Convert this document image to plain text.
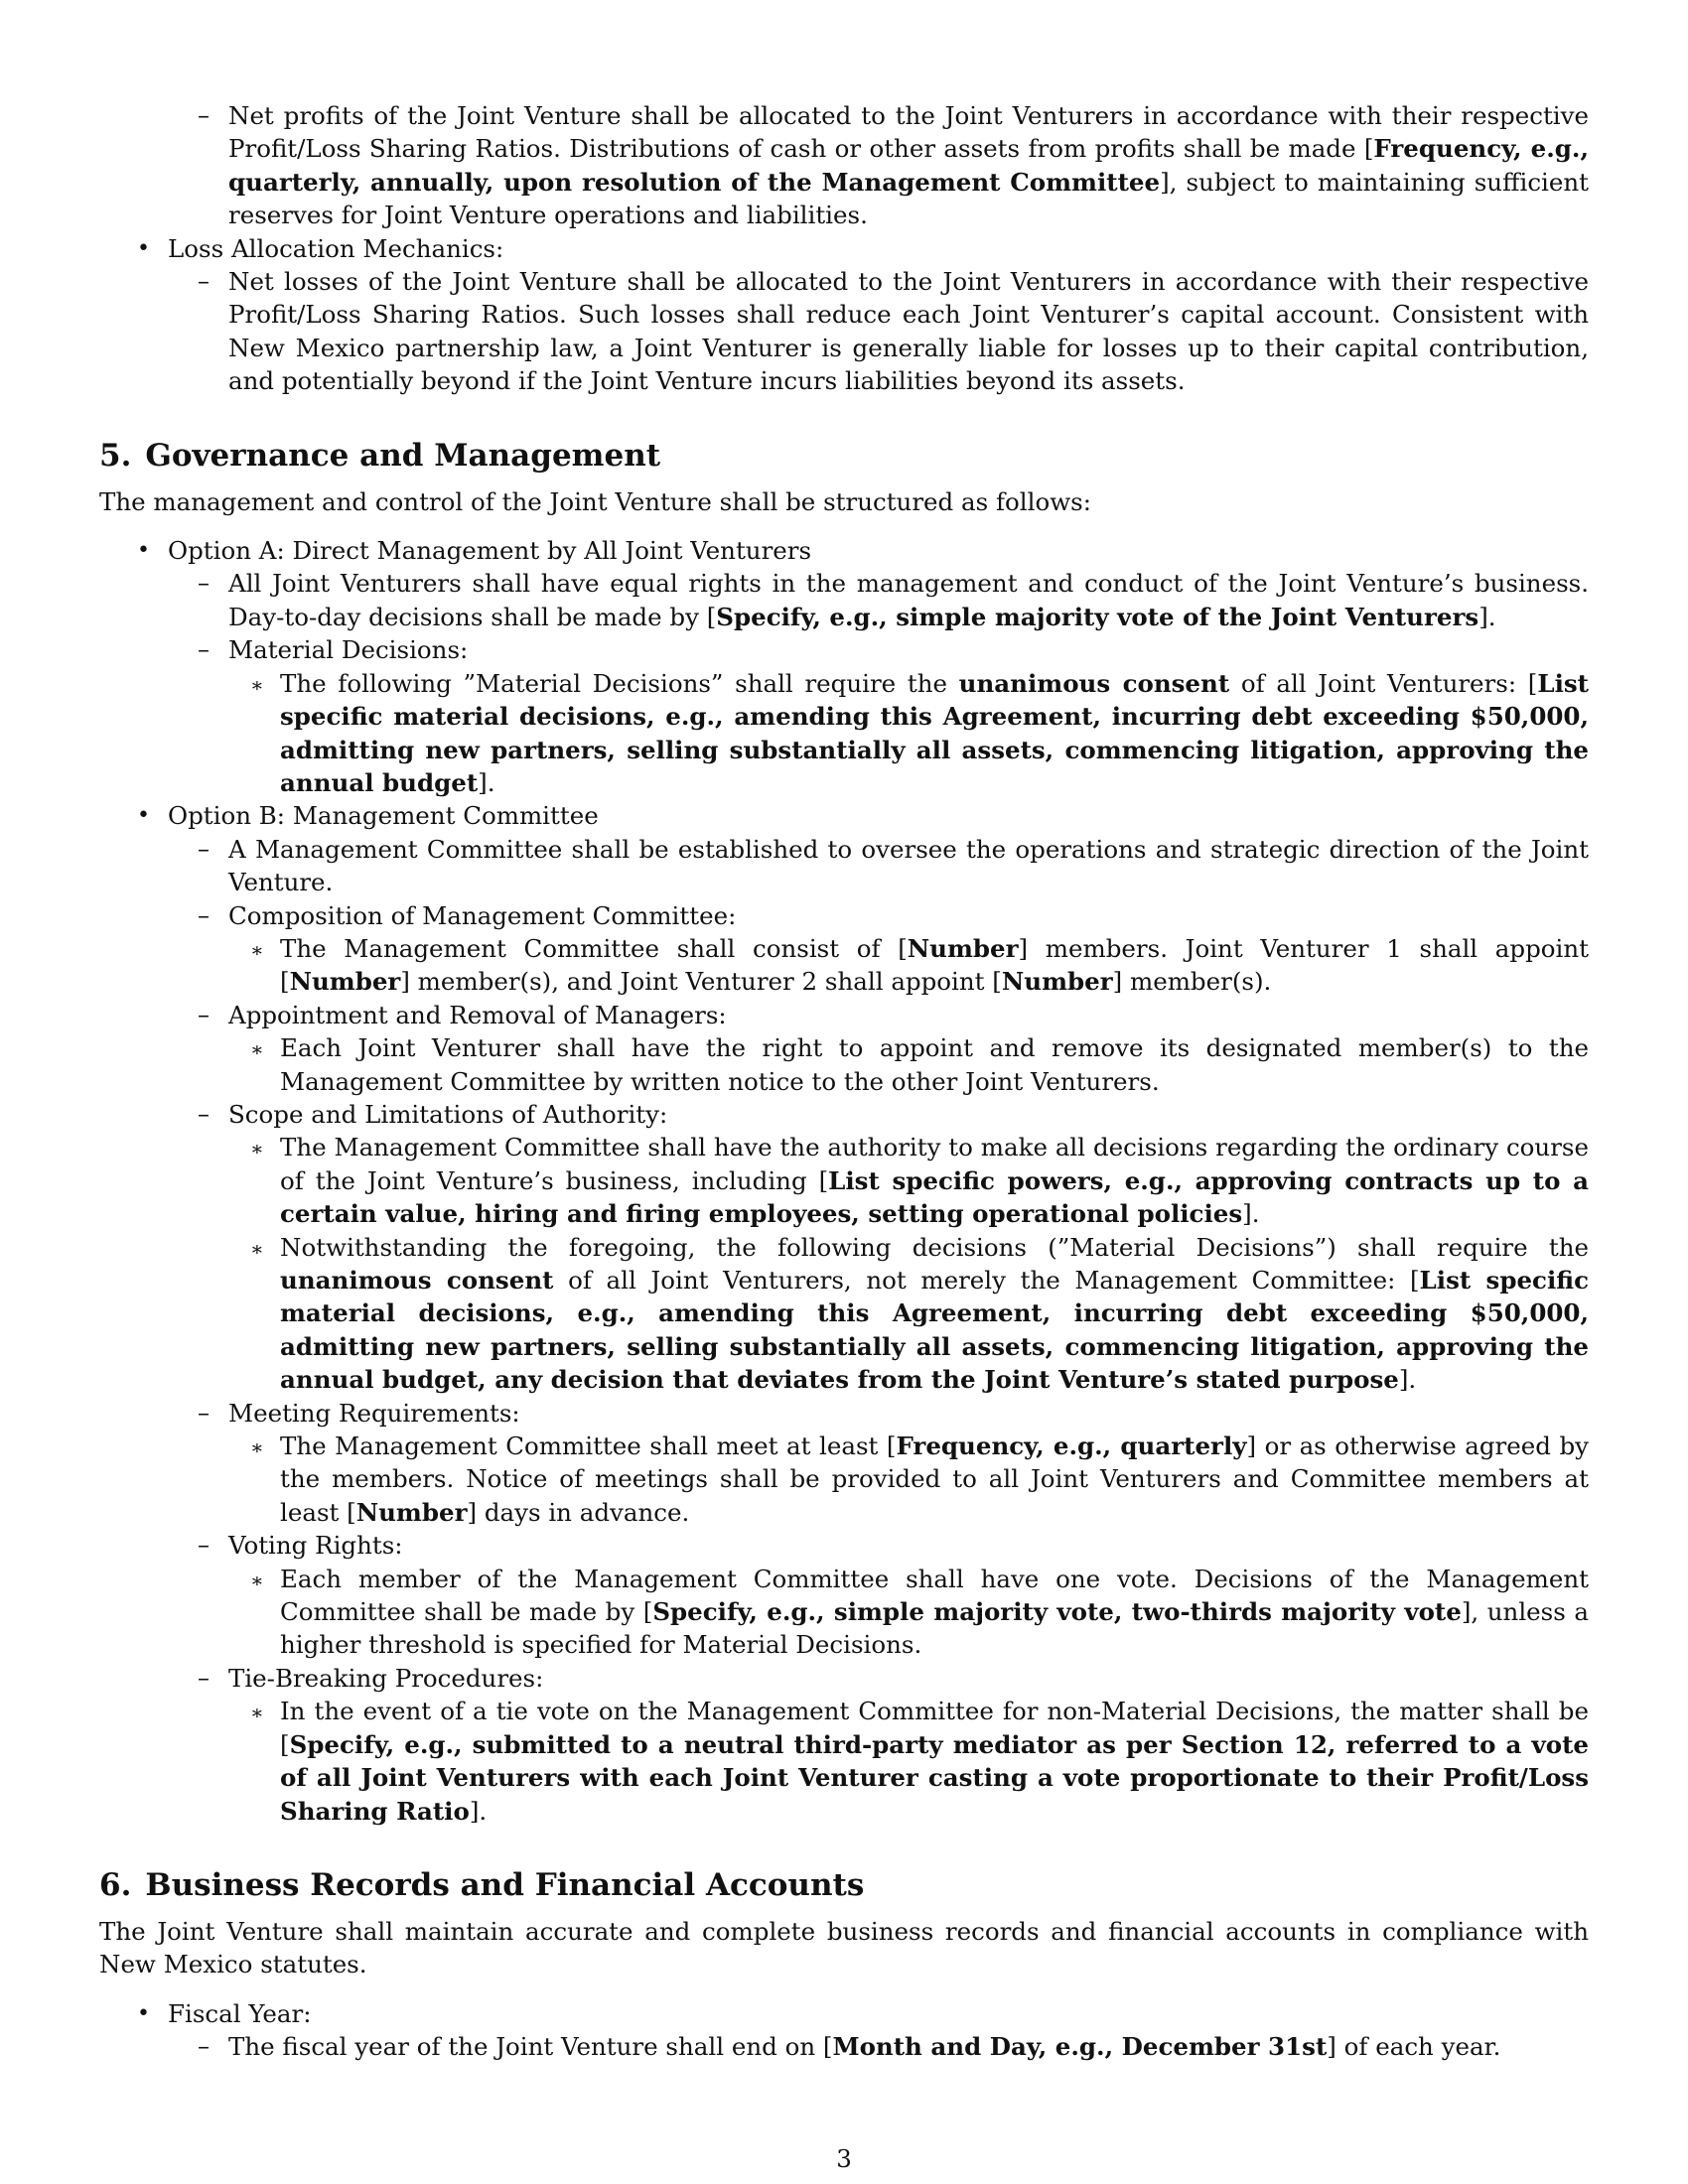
– Net profits of the Joint Venture shall be allocated to the Joint Venturers in accordance with their respective Profit/Loss Sharing Ratios. Distributions of cash or other assets from profits shall be made [Frequency, e.g., quarterly, annually, upon resolution of the Management Committee], subject to maintaining sufficient reserves for Joint Venture operations and liabilities.
• Loss Allocation Mechanics:
– Net losses of the Joint Venture shall be allocated to the Joint Venturers in accordance with their respective Profit/Loss Sharing Ratios. Such losses shall reduce each Joint Venturer’s capital account. Consistent with New Mexico partnership law, a Joint Venturer is generally liable for losses up to their capital contribution, and potentially beyond if the Joint Venture incurs liabilities beyond its assets.
5. Governance and Management

The management and control of the Joint Venture shall be structured as follows:

• Option A: Direct Management by All Joint Venturers
– All Joint Venturers shall have equal rights in the management and conduct of the Joint Venture’s business. Day-to-day decisions shall be made by [Specify, e.g., simple majority vote of the Joint Venturers].
– Material Decisions:
∗ The following ”Material Decisions” shall require the unanimous consent of all Joint Venturers: [List specific material decisions, e.g., amending this Agreement, incurring debt exceeding $50,000, admitting new partners, selling substantially all assets, commencing litigation, approving the annual budget].
• Option B: Management Committee
– A Management Committee shall be established to oversee the operations and strategic direction of the Joint Venture.
– Composition of Management Committee:
∗ The Management Committee shall consist of [Number] members. Joint Venturer 1 shall appoint [Number] member(s), and Joint Venturer 2 shall appoint [Number] member(s).
– Appointment and Removal of Managers:
∗ Each Joint Venturer shall have the right to appoint and remove its designated member(s) to the Management Committee by written notice to the other Joint Venturers.
– Scope and Limitations of Authority:
∗ The Management Committee shall have the authority to make all decisions regarding the ordinary course of the Joint Venture’s business, including [List specific powers, e.g., approving contracts up to a certain value, hiring and firing employees, setting operational policies].
∗ Notwithstanding the foregoing, the following decisions (”Material Decisions”) shall require the unanimous consent of all Joint Venturers, not merely the Management Committee: [List specific material decisions, e.g., amending this Agreement, incurring debt exceeding $50,000, admitting new partners, selling substantially all assets, commencing litigation, approving the annual budget, any decision that deviates from the Joint Venture’s stated purpose].
– Meeting Requirements:
∗ The Management Committee shall meet at least [Frequency, e.g., quarterly] or as otherwise agreed by the members. Notice of meetings shall be provided to all Joint Venturers and Committee members at least [Number] days in advance.
– Voting Rights:
∗ Each member of the Management Committee shall have one vote. Decisions of the Management Committee shall be made by [Specify, e.g., simple majority vote, two-thirds majority vote], unless a higher threshold is specified for Material Decisions.
– Tie-Breaking Procedures:
∗ In the event of a tie vote on the Management Committee for non-Material Decisions, the matter shall be [Specify, e.g., submitted to a neutral third-party mediator as per Section 12, referred to a vote of all Joint Venturers with each Joint Venturer casting a vote proportionate to their Profit/Loss Sharing Ratio].
6. Business Records and Financial Accounts

The Joint Venture shall maintain accurate and complete business records and financial accounts in compliance with New Mexico statutes.

• Fiscal Year:
– The fiscal year of the Joint Venture shall end on [Month and Day, e.g., December 31st] of each year.
3
